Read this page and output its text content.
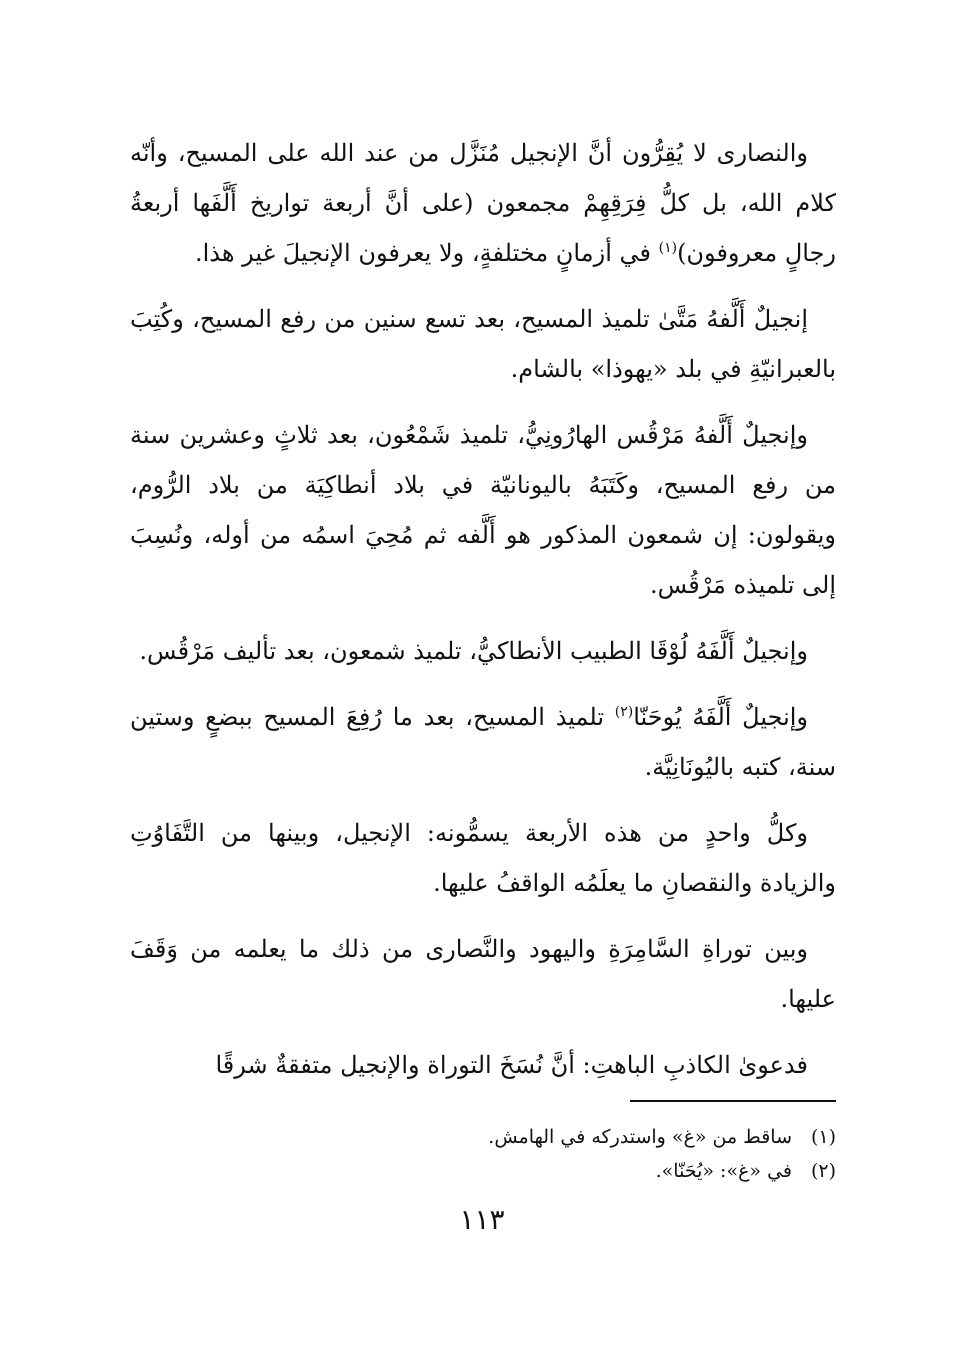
والنصارى لا يُقِرُّون أنَّ الإنجيل مُنَزَّل من عند الله على المسيح، وأنّه كلام الله، بل كلُّ فِرَقِهِمْ مجمعون (على أنَّ أربعة تواريخ أَلَّفَها أربعةُ رجالٍ معروفون)$^{(١)}$ في أزمانٍ مختلفةٍ، ولا يعرفون الإنجيلَ غير هذا.

إنجيلٌ أَلَّفهُ مَتَّىٰ تلميذ المسيح، بعد تسع سنين من رفع المسيح، وكُتِبَ بالعبرانيّةِ في بلد «يهوذا» بالشام.

وإنجيلٌ أَلَّفهُ مَرْقُس الهارُونِيُّ، تلميذ شَمْعُون، بعد ثلاثٍ وعشرين سنة من رفع المسيح، وكَتَبَهُ باليونانيّة في بلاد أنطاكِيَة من بلاد الرُّوم، ويقولون: إن شمعون المذكور هو أَلَّفه ثم مُحِيَ اسمُه من أوله، ونُسِبَ إلى تلميذه مَرْقُس.

وإنجيلٌ أَلَّفَهُ لُوْقَا الطبيب الأنطاكيُّ، تلميذ شمعون، بعد تأليف مَرْقُس.

وإنجيلٌ أَلَّفَهُ يُوحَنّا$^{(٢)}$ تلميذ المسيح، بعد ما رُفِعَ المسيح ببضعٍ وستين سنة، كتبه باليُونَانِيَّة.

وكلُّ واحدٍ من هذه الأربعة يسمُّونه: الإنجيل، وبينها من التَّفَاوُتِ والزيادة والنقصانِ ما يعلَمُه الواقفُ عليها.

وبين توراةِ السَّامِرَةِ واليهود والنَّصارى من ذلك ما يعلمه من وَقَفَ عليها.

فدعوىٰ الكاذبِ الباهتِ: أنَّ نُسَخَ التوراة والإنجيل متفقةٌ شرقًا

(١)ساقط من «غ» واستدركه في الهامش.

(٢)في «غ»: «يُحَنّا».

١١٣
